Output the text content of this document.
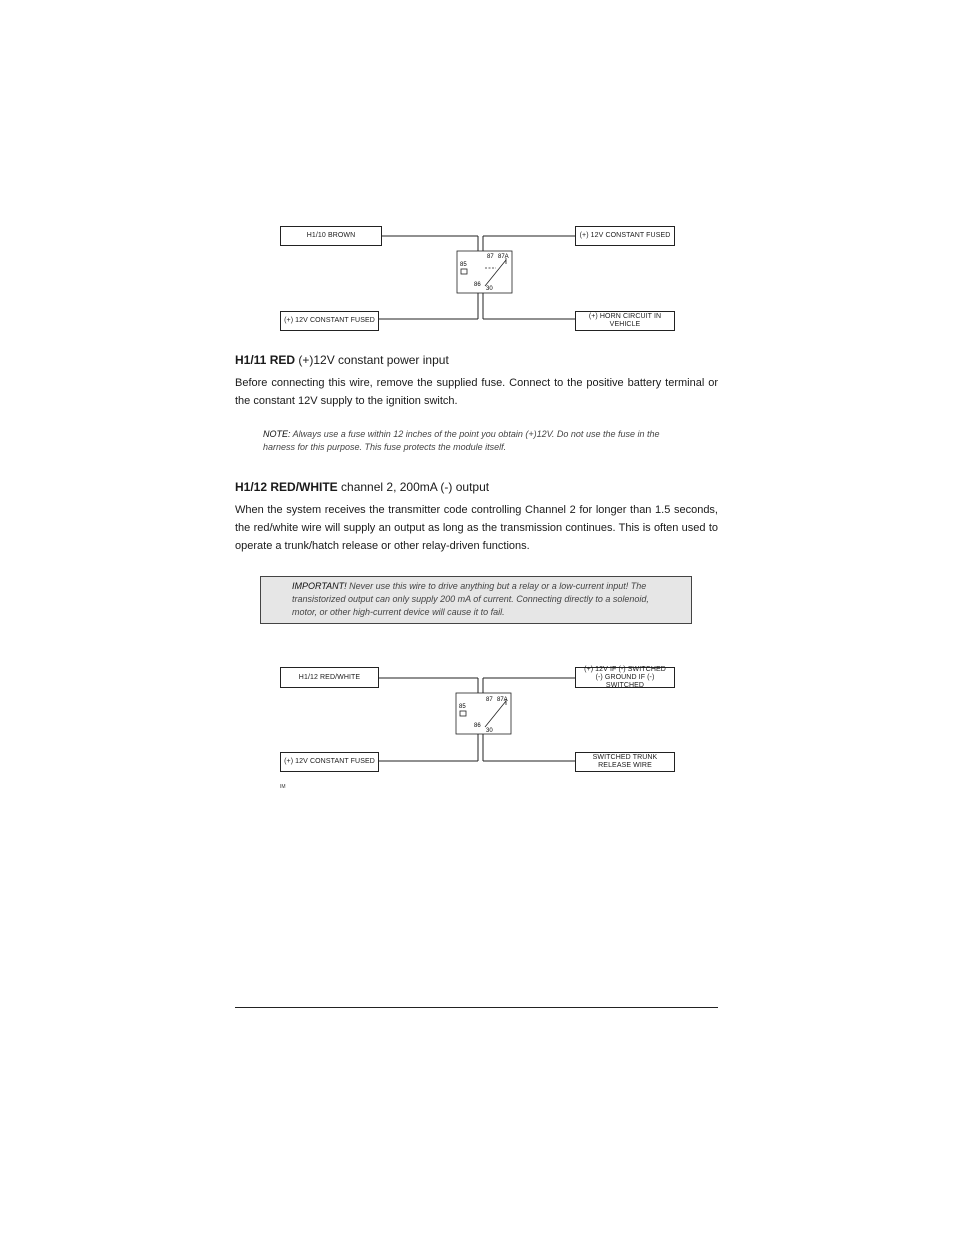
85
86
87 87A
30
H1/10 BROWN	(+) 12V CONSTANT FUSED
(+) 12V CONSTANT FUSED
(+) HORN CIRCUIT IN VEHICLE
H1/11 RED (+)12V constant power input

Before connecting this wire, remove the supplied fuse. Connect to the positive battery terminal or the constant 12V supply to the ignition switch.

NOTE: Always use a fuse within 12 inches of the point you obtain (+)12V. Do not use the fuse in the harness for this purpose. This fuse protects the module itself.
H1/12 RED/WHITE channel 2, 200mA (-) output

When the system receives the transmitter code controlling Channel 2 for longer than 1.5 seconds, the red/white wire will supply an output as long as the transmission continues. This is often used to operate a trunk/hatch release or other relay-driven functions.

IMPORTANT! Never use this wire to drive anything but a relay or a low-current input! The transistorized output can only supply 200 mA of current. Connecting directly to a solenoid, motor, or other high-current device will cause it to fail.
85
86
87 87A
30
H1/12 RED/WHITE
(+) 12V IF (-) SWITCHED
(-) GROUND IF (-) SWITCHED
(+) 12V CONSTANT FUSED
SWITCHED TRUNK
RELEASE WIRE
IM
